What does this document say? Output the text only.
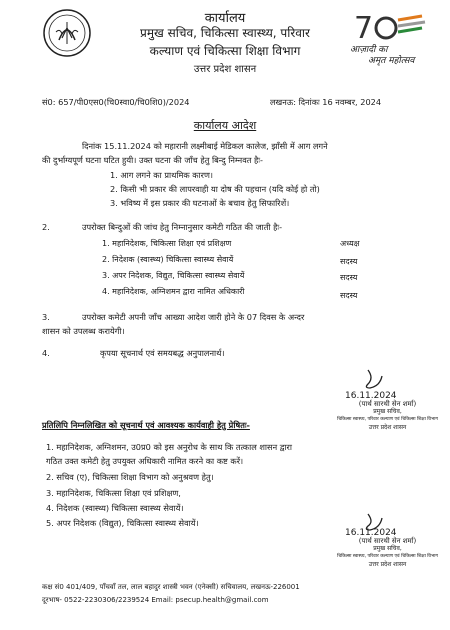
कार्यालय
प्रमुख सचिव, चिकित्सा स्वास्थ्य, परिवार
कल्याण एवं चिकित्सा शिक्षा विभाग
उत्तर प्रदेश शासन
7
आज़ादी का
अमृत महोत्सव
सं0: 657/पी0एस0(चि0स्वा0/चि0शि0)/2024	लखनऊ: दिनांकः 16 नवम्बर, 2024
कार्यालय आदेश
दिनांक 15.11.2024 को महारानी लक्ष्मीबाई मेडिकल कालेज, झाँसी में आग लगने
की दुर्भाग्यपूर्ण घटना घटित हुयी। उक्त घटना की जाँच हेतु बिन्दु निम्नवत हैः-
1. आग लगने का प्राथमिक कारण।
2. किसी भी प्रकार की लापरवाही या दोष की पहचान (यदि कोई हो तो)
3. भविष्य में इस प्रकार की घटनाओं के बचाव हेतु सिफारिशें।
2.	उपरोक्त बिन्दुओं की जांच हेतु निम्नानुसार कमेटी गठित की जाती हैः-
1. महानिदेशक, चिकित्सा शिक्षा एवं प्रशिक्षण	अध्यक्ष
2. निदेशक (स्वास्थ्य) चिकित्सा स्वास्थ्य सेवायें	सदस्य
3. अपर निदेशक, विद्युत, चिकित्सा स्वास्थ्य सेवायें	सदस्य
4. महानिदेशक, अग्निशमन द्वारा नामित अधिकारी	सदस्य
3.	उपरोक्त कमेटी अपनी जाँच आख्या आदेश जारी होने के 07 दिवस के अन्दर
शासन को उपलब्ध करायेगी।
4.	कृपया सूचनार्थ एवं समयबद्ध अनुपालनार्थ।
16.11.2024
(पार्थ सारथी सेन शर्मा)
प्रमुख सचिव,
चिकित्सा स्वास्थ्य, परिवार कल्याण एवं चिकित्सा शिक्षा विभाग
उत्तर प्रदेश शासन
प्रतिलिपि निम्नलिखित को सूचनार्थ एवं आवश्यक कार्यवाही हेतु प्रेषितः-
1. महानिदेशक, अग्निशमन, उ0प्र0 को इस अनुरोध के साथ कि तत्काल शासन द्वारा
गठित उक्त कमेटी हेतु उपयुक्त अधिकारी नामित करने का कष्ट करें।
2. सचिव (ए), चिकित्सा शिक्षा विभाग को अनुश्रवण हेतु।
3. महानिदेशक, चिकित्सा शिक्षा एवं प्रशिक्षण,
4. निदेशक (स्वास्थ्य) चिकित्सा स्वास्थ्य सेवायें।
5. अपर निदेशक (विद्युत), चिकित्सा स्वास्थ्य सेवायें।
16.11.2024
(पार्थ सारथी सेन शर्मा)
प्रमुख सचिव,
चिकित्सा स्वास्थ्य, परिवार कल्याण एवं चिकित्सा शिक्षा विभाग
उत्तर प्रदेश शासन
कक्ष सं0 401/409, पाँचवाँ तल, लाल बहादुर शास्त्री भवन (एनेक्सी) सचिवालय, लखनऊ-226001
दूरभाष- 0522-2230306/2239524 Email: psecup.health@gmail.com
